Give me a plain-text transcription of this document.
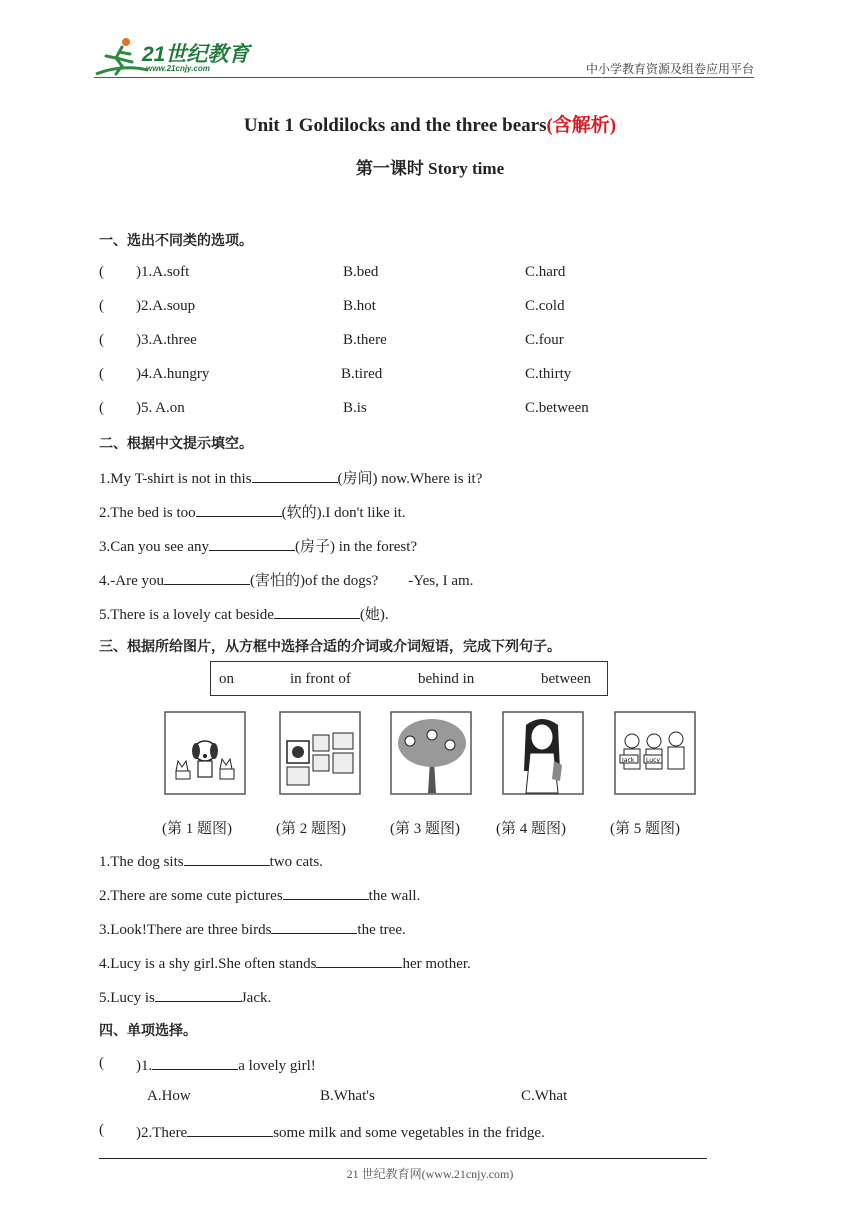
21世纪教育
www.21cnjy.com	中小学教育资源及组卷应用平台
Unit 1 Goldilocks and the three bears(含解析)
第一课时 Story time
一、选出不同类的选项。
( )1.A.soft	B.bed	C.hard
( )2.A.soup	B.hot	C.cold
( )3.A.three	B.there	C.four
( )4.A.hungry	B.tired	C.thirty
( )5. A.on	B.is	C.between
二、根据中文提示填空。
1.My T-shirt is not in this	(房间) now.Where is it?
2.The bed is too	(软的).I don't like it.
3.Can you see any	(房子) in the forest?
4.-Are you	(害怕的)of the dogs?        -Yes, I am.
5.There is a lovely cat beside	(她).
三、根据所给图片，从方框中选择合适的介词或介词短语，完成下列句子。
on	in front of	behind in	between
Jack Lucy
(第 1 题图)	(第 2 题图)	(第 3 题图) (第 4 题图)	(第 5 题图)
1.The dog sits	two cats.
2.There are some cute pictures	the wall.
3.Look!There are three birds	the tree.
4.Lucy is a shy girl.She often stands	her mother.
5.Lucy is	Jack.
四、单项选择。
( )1.	a lovely girl!
A.How	B.What's	C.What
( )2.There	some milk and some vegetables in the fridge.
21 世纪教育网(www.21cnjy.com)
